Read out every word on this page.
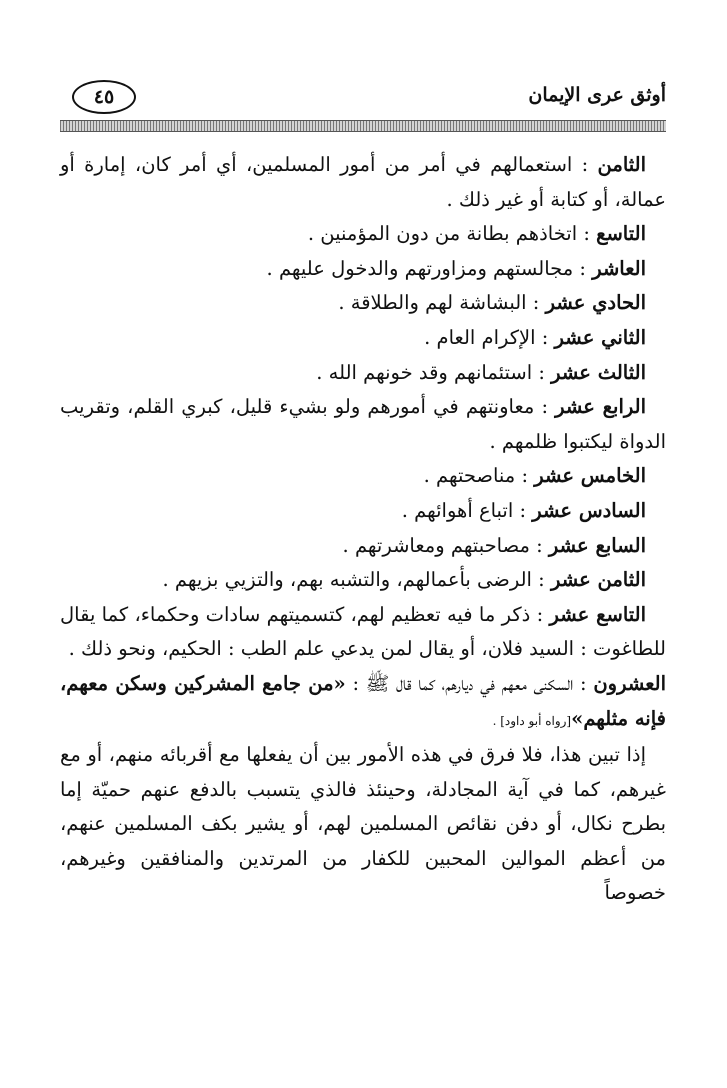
أوثق عرى الإيمان
٤٥

الثامن : استعمالهم في أمر من أمور المسلمين، أي أمر كان، إمارة أو عمالة، أو كتابة أو غير ذلك .

التاسع : اتخاذهم بطانة من دون المؤمنين .

العاشر : مجالستهم ومزاورتهم والدخول عليهم .

الحادي عشر : البشاشة لهم والطلاقة .

الثاني عشر : الإكرام العام .

الثالث عشر : استئمانهم وقد خونهم الله .

الرابع عشر : معاونتهم في أمورهم ولو بشيء قليل، كبري القلم، وتقريب الدواة ليكتبوا ظلمهم .

الخامس عشر : مناصحتهم .

السادس عشر : اتباع أهوائهم .

السابع عشر : مصاحبتهم ومعاشرتهم .

الثامن عشر : الرضى بأعمالهم، والتشبه بهم، والتزيي بزيهم .

التاسع عشر : ذكر ما فيه تعظيم لهم، كتسميتهم سادات وحكماء، كما يقال للطاغوت : السيد فلان، أو يقال لمن يدعي علم الطب : الحكيم، ونحو ذلك .

العشرون : السكنى معهم في ديارهم، كما قال ﷺ : «من جامع المشركين وسكن معهم، فإنه مثلهم»[رواه أبو داود] .

إذا تبين هذا، فلا فرق في هذه الأمور بين أن يفعلها مع أقربائه منهم، أو مع غيرهم، كما في آية المجادلة، وحينئذ فالذي يتسبب بالدفع عنهم حميّة إما بطرح نكال، أو دفن نقائص المسلمين لهم، أو يشير بكف المسلمين عنهم، من أعظم الموالين المحبين للكفار من المرتدين والمنافقين وغيرهم، خصوصاً
